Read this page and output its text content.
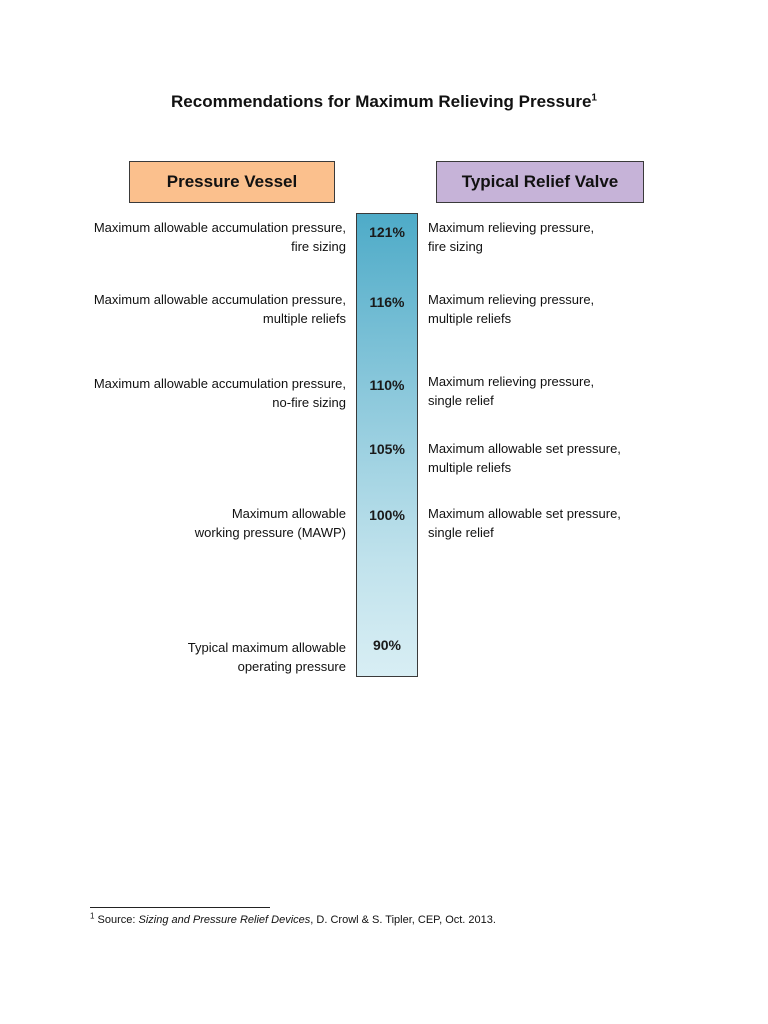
Recommendations for Maximum Relieving Pressure$^1$
Pressure Vessel	Typical Relief Valve
121%
Maximum allowable accumulation pressure,
fire sizing
Maximum relieving pressure,
fire sizing
116%
Maximum allowable accumulation pressure,
multiple reliefs
Maximum relieving pressure,
multiple reliefs
110%
Maximum allowable accumulation pressure,
no-fire sizing
Maximum relieving pressure,
single relief
105%	Maximum allowable set pressure,
multiple reliefs
100%
Maximum allowable
working pressure (MAWP)
Maximum allowable set pressure,
single relief
90%
Typical maximum allowable
operating pressure
$^1$ Source: Sizing and Pressure Relief Devices, D. Crowl & S. Tipler, CEP, Oct. 2013.
